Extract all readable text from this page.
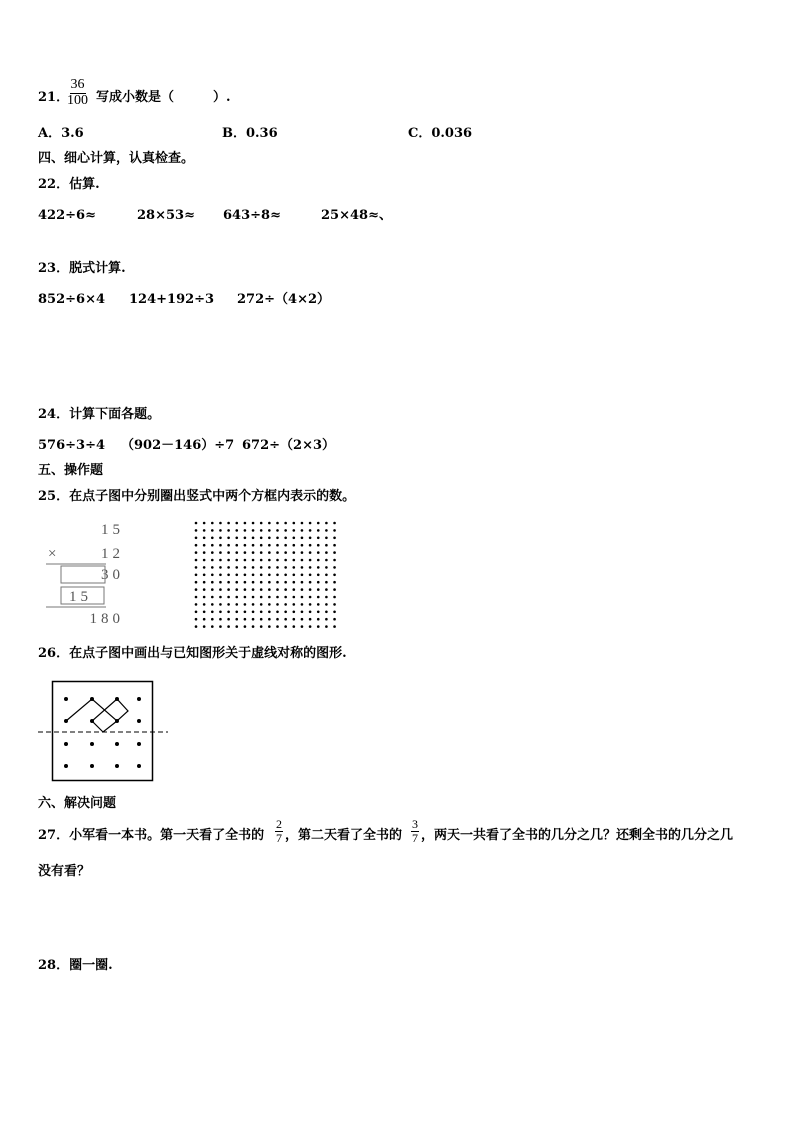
21．
$\frac{36}{100}$ 写成小数是（　　　）.
A．3.6	B．0.36	C．0.036
四、细心计算，认真检查。
22．估算.
422÷6≈	28×53≈ 643÷8≈	25×48≈、
23．脱式计算.
852÷6×4 124+192÷3 272÷（4×2）
24．计算下面各题。
576÷3÷4 （902－146）÷7 672÷（2×3）
五、操作题
25．在点子图中分别圈出竖式中两个方框内表示的数。
15
×	12
30
15
180
26．在点子图中画出与已知图形关于虚线对称的图形.
六、解决问题
27．小军看一本书。第一天看了全书的 $\frac{2}{7}$ ，第二天看了全书的 $\frac{3}{7}$ ，两天一共看了全书的几分之几？还剩全书的几分之几
没有看？
28．圈一圈.
